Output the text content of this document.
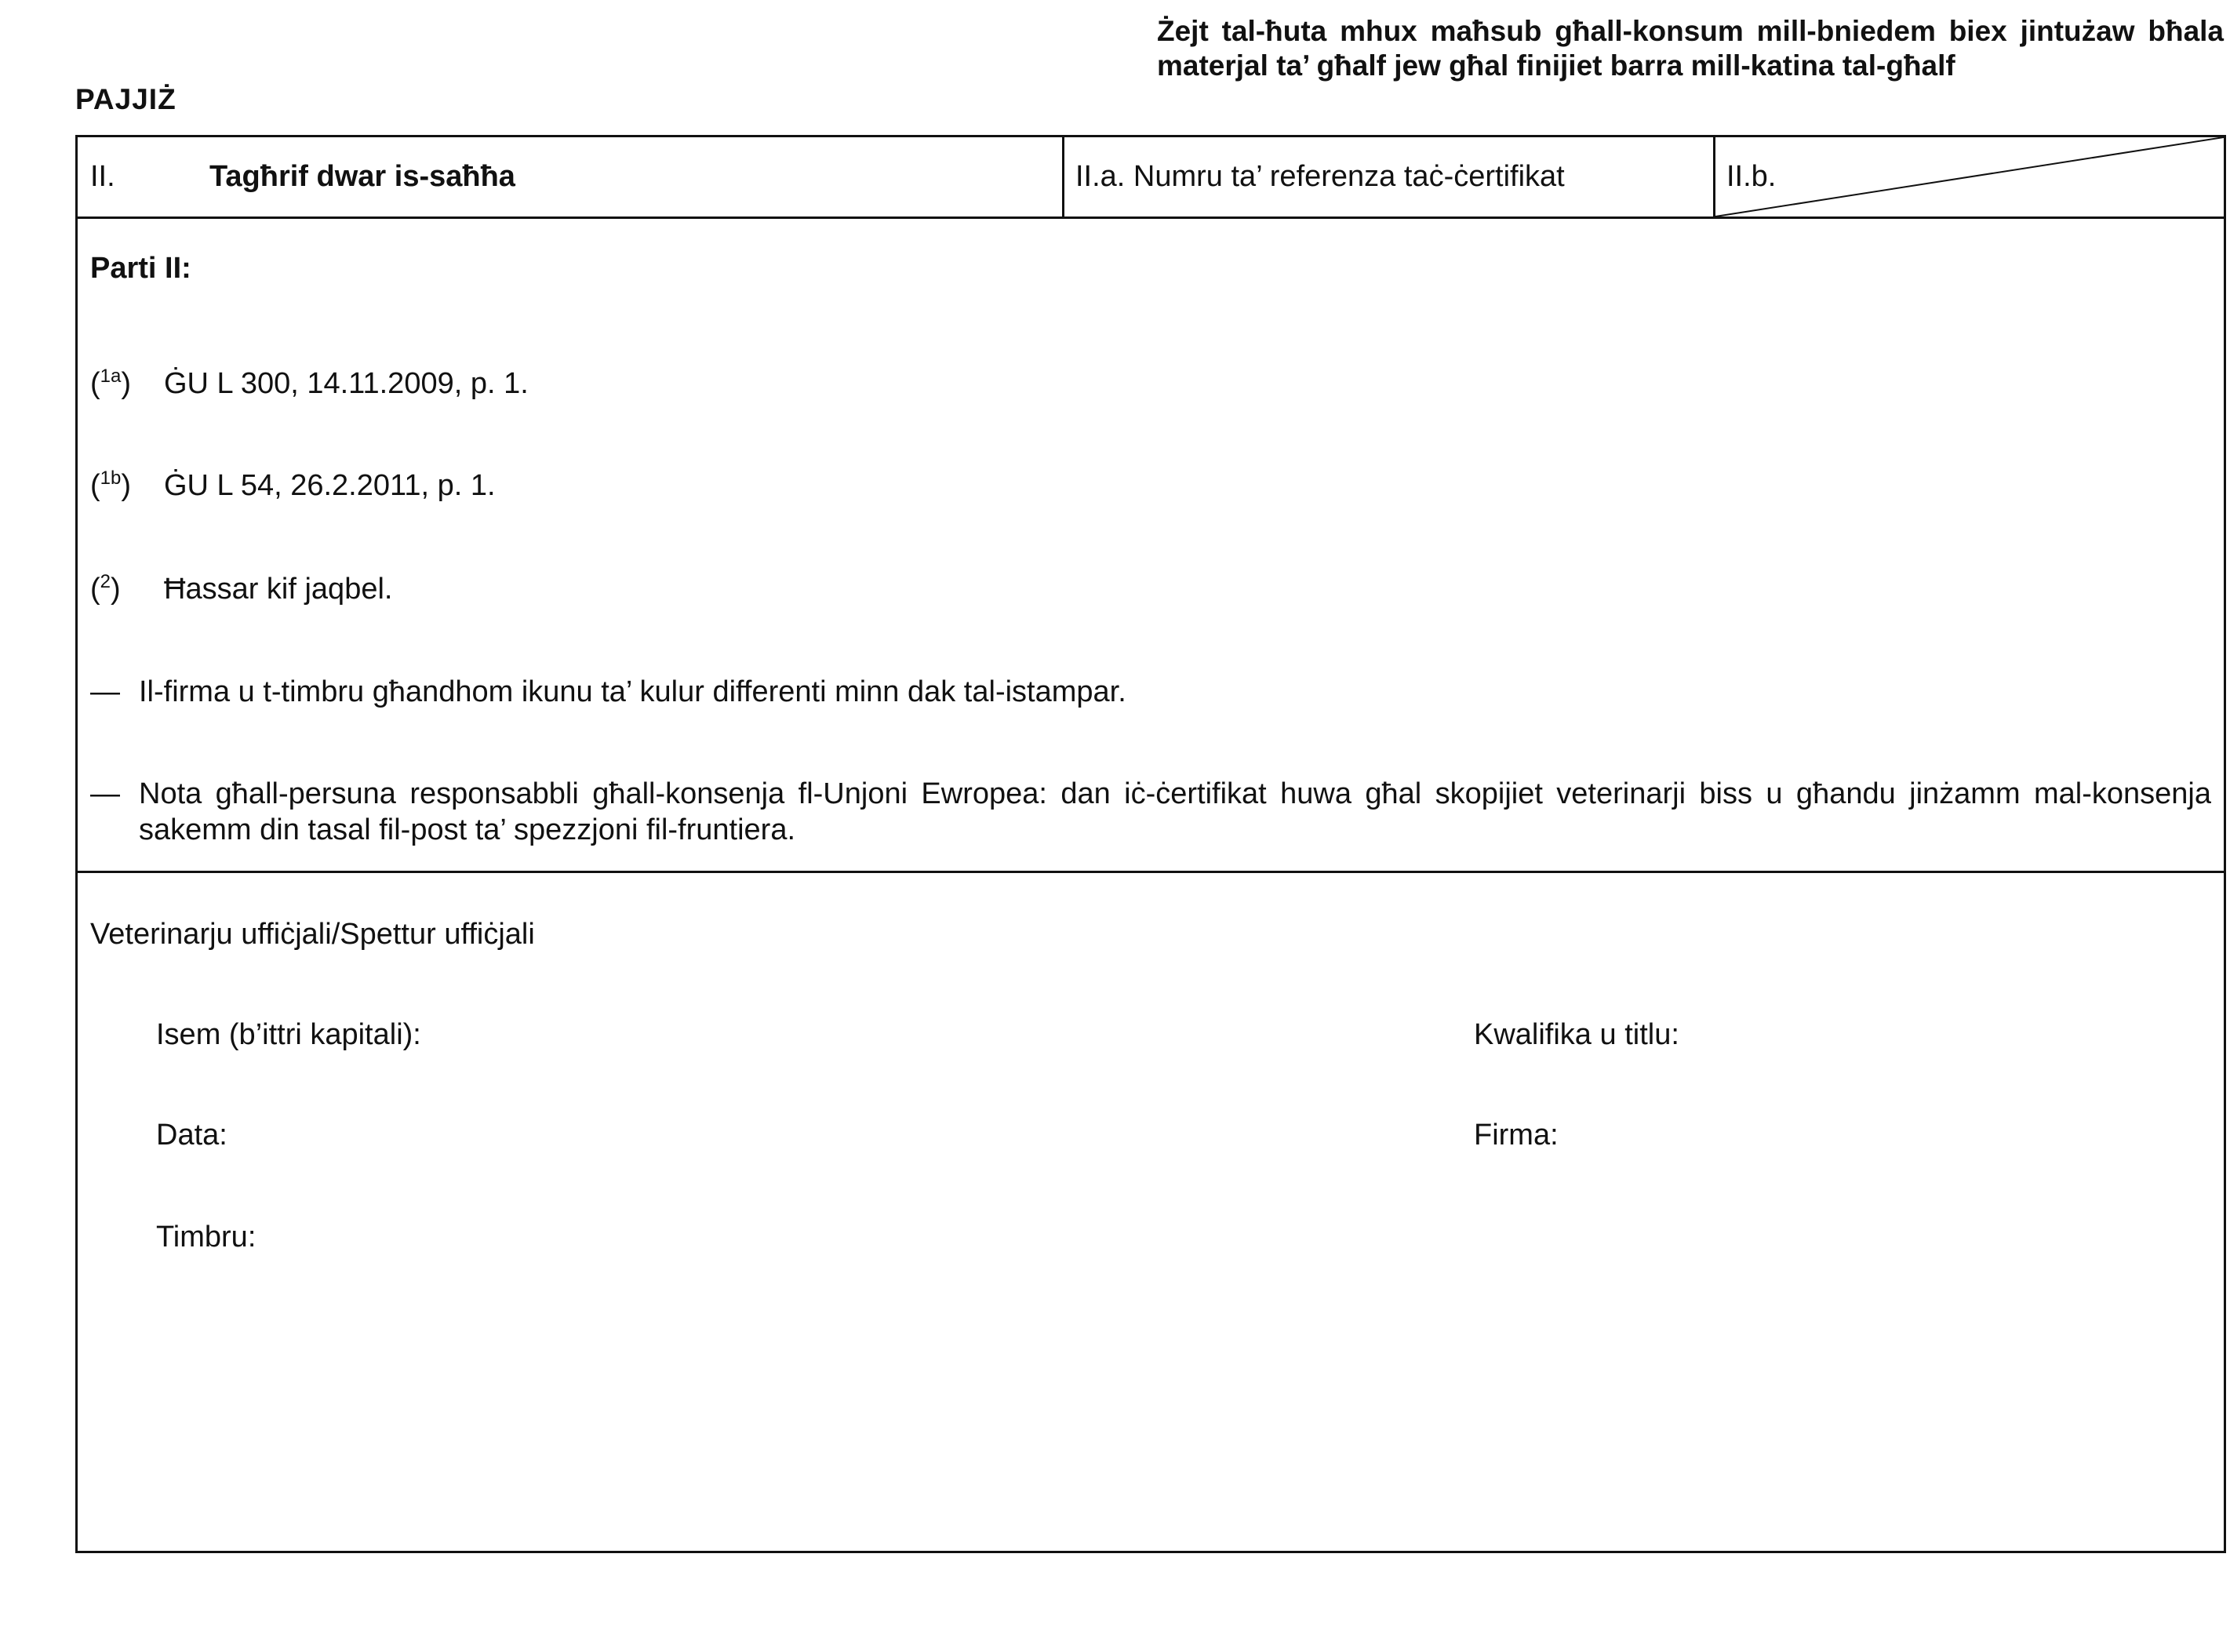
PAJJIŻ
Żejt tal-ħuta mhux maħsub għall-konsum mill-bniedem biex jintużaw bħala materjal ta’ għalf jew għal finijiet barra mill-katina tal-għalf
II.	Tagħrif dwar is-saħħa	II.a. Numru ta’ referenza taċ-ċertifikat	II.b.
Parti II:
($^{1a}$) ĠU L 300, 14.11.2009, p. 1.
($^{1b}$) ĠU L 54, 26.2.2011, p. 1.
($^2$) Ħassar kif jaqbel.
— Il-firma u t-timbru għandhom ikunu ta’ kulur differenti minn dak tal-istampar.
— Nota għall-persuna responsabbli għall-konsenja fl-Unjoni Ewropea: dan iċ-ċertifikat huwa għal skopijiet veterinarji biss u għandu jinżamm mal-konsenja sakemm din tasal fil-post ta’ spezzjoni fil-fruntiera.
Veterinarju uffiċjali/Spettur uffiċjali
Isem (b’ittri kapitali):	Kwalifika u titlu:
Data:	Firma:
Timbru:
